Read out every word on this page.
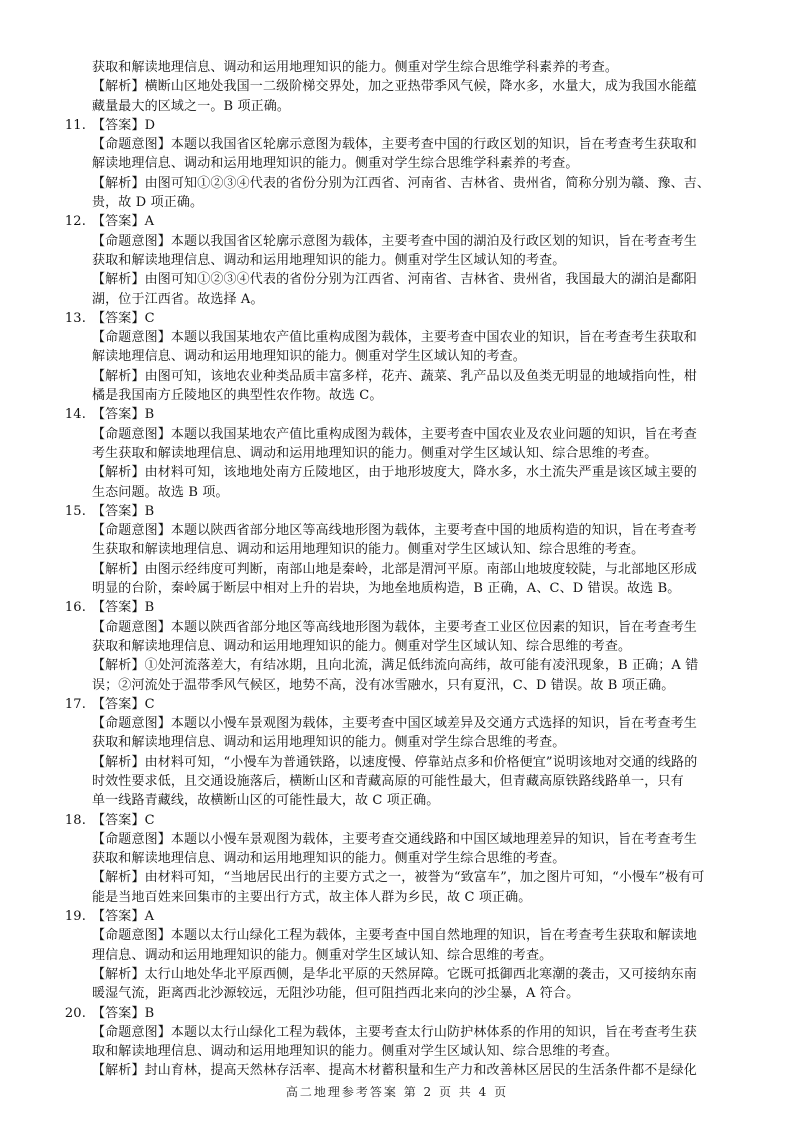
获取和解读地理信息、调动和运用地理知识的能力。侧重对学生综合思维学科素养的考查。
【解析】横断山区地处我国一二级阶梯交界处，加之亚热带季风气候，降水多，水量大，成为我国水能蕴
藏量最大的区域之一。B 项正确。
11. 【答案】D
【命题意图】本题以我国省区轮廓示意图为载体，主要考查中国的行政区划的知识，旨在考查考生获取和
解读地理信息、调动和运用地理知识的能力。侧重对学生综合思维学科素养的考查。
【解析】由图可知①②③④代表的省份分别为江西省、河南省、吉林省、贵州省，简称分别为赣、豫、吉、
贵，故 D 项正确。
12. 【答案】A
【命题意图】本题以我国省区轮廓示意图为载体，主要考查中国的湖泊及行政区划的知识，旨在考查考生
获取和解读地理信息、调动和运用地理知识的能力。侧重对学生区域认知的考查。
【解析】由图可知①②③④代表的省份分别为江西省、河南省、吉林省、贵州省，我国最大的湖泊是鄱阳
湖，位于江西省。故选择 A。
13. 【答案】C
【命题意图】本题以我国某地农产值比重构成图为载体，主要考查中国农业的知识，旨在考查考生获取和
解读地理信息、调动和运用地理知识的能力。侧重对学生区域认知的考查。
【解析】由图可知，该地农业种类品质丰富多样，花卉、蔬菜、乳产品以及鱼类无明显的地域指向性，柑
橘是我国南方丘陵地区的典型性农作物。故选 C。
14. 【答案】B
【命题意图】本题以我国某地农产值比重构成图为载体，主要考查中国农业及农业问题的知识，旨在考查
考生获取和解读地理信息、调动和运用地理知识的能力。侧重对学生区域认知、综合思维的考查。
【解析】由材料可知，该地地处南方丘陵地区，由于地形坡度大，降水多，水土流失严重是该区域主要的
生态问题。故选 B 项。
15. 【答案】B
【命题意图】本题以陕西省部分地区等高线地形图为载体，主要考查中国的地质构造的知识，旨在考查考
生获取和解读地理信息、调动和运用地理知识的能力。侧重对学生区域认知、综合思维的考查。
【解析】由图示经纬度可判断，南部山地是秦岭，北部是渭河平原。南部山地坡度较陡，与北部地区形成
明显的台阶，秦岭属于断层中相对上升的岩块，为地垒地质构造，B 正确，A、C、D 错误。故选 B。
16. 【答案】B
【命题意图】本题以陕西省部分地区等高线地形图为载体，主要考查工业区位因素的知识，旨在考查考生
获取和解读地理信息、调动和运用地理知识的能力。侧重对学生区域认知、综合思维的考查。
【解析】①处河流落差大，有结冰期，且向北流，满足低纬流向高纬，故可能有凌汛现象，B 正确；A 错
误；②河流处于温带季风气候区，地势不高，没有冰雪融水，只有夏汛，C、D 错误。故 B 项正确。
17. 【答案】C
【命题意图】本题以小慢车景观图为载体，主要考查中国区域差异及交通方式选择的知识，旨在考查考生
获取和解读地理信息、调动和运用地理知识的能力。侧重对学生综合思维的考查。
【解析】由材料可知，“小慢车为普通铁路，以速度慢、停靠站点多和价格便宜”说明该地对交通的线路的
时效性要求低，且交通设施落后，横断山区和青藏高原的可能性最大，但青藏高原铁路线路单一，只有
单一线路青藏线，故横断山区的可能性最大，故 C 项正确。
18. 【答案】C
【命题意图】本题以小慢车景观图为载体，主要考查交通线路和中国区域地理差异的知识，旨在考查考生
获取和解读地理信息、调动和运用地理知识的能力。侧重对学生综合思维的考查。
【解析】由材料可知，“当地居民出行的主要方式之一，被誉为“致富车”，加之图片可知，“小慢车”极有可
能是当地百姓来回集市的主要出行方式，故主体人群为乡民，故 C 项正确。
19. 【答案】A
【命题意图】本题以太行山绿化工程为载体，主要考查中国自然地理的知识，旨在考查考生获取和解读地
理信息、调动和运用地理知识的能力。侧重对学生区域认知、综合思维的考查。
【解析】太行山地处华北平原西侧，是华北平原的天然屏障。它既可抵御西北寒潮的袭击，又可接纳东南
暖湿气流，距离西北沙源较远，无阻沙功能，但可阻挡西北来向的沙尘暴，A 符合。
20. 【答案】B
【命题意图】本题以太行山绿化工程为载体，主要考查太行山防护林体系的作用的知识，旨在考查考生获
取和解读地理信息、调动和运用地理知识的能力。侧重对学生区域认知、综合思维的考查。
【解析】封山育林，提高天然林存活率、提高木材蓄积量和生产力和改善林区居民的生活条件都不是绿化
高二地理参考答案 第 2 页 共 4 页
